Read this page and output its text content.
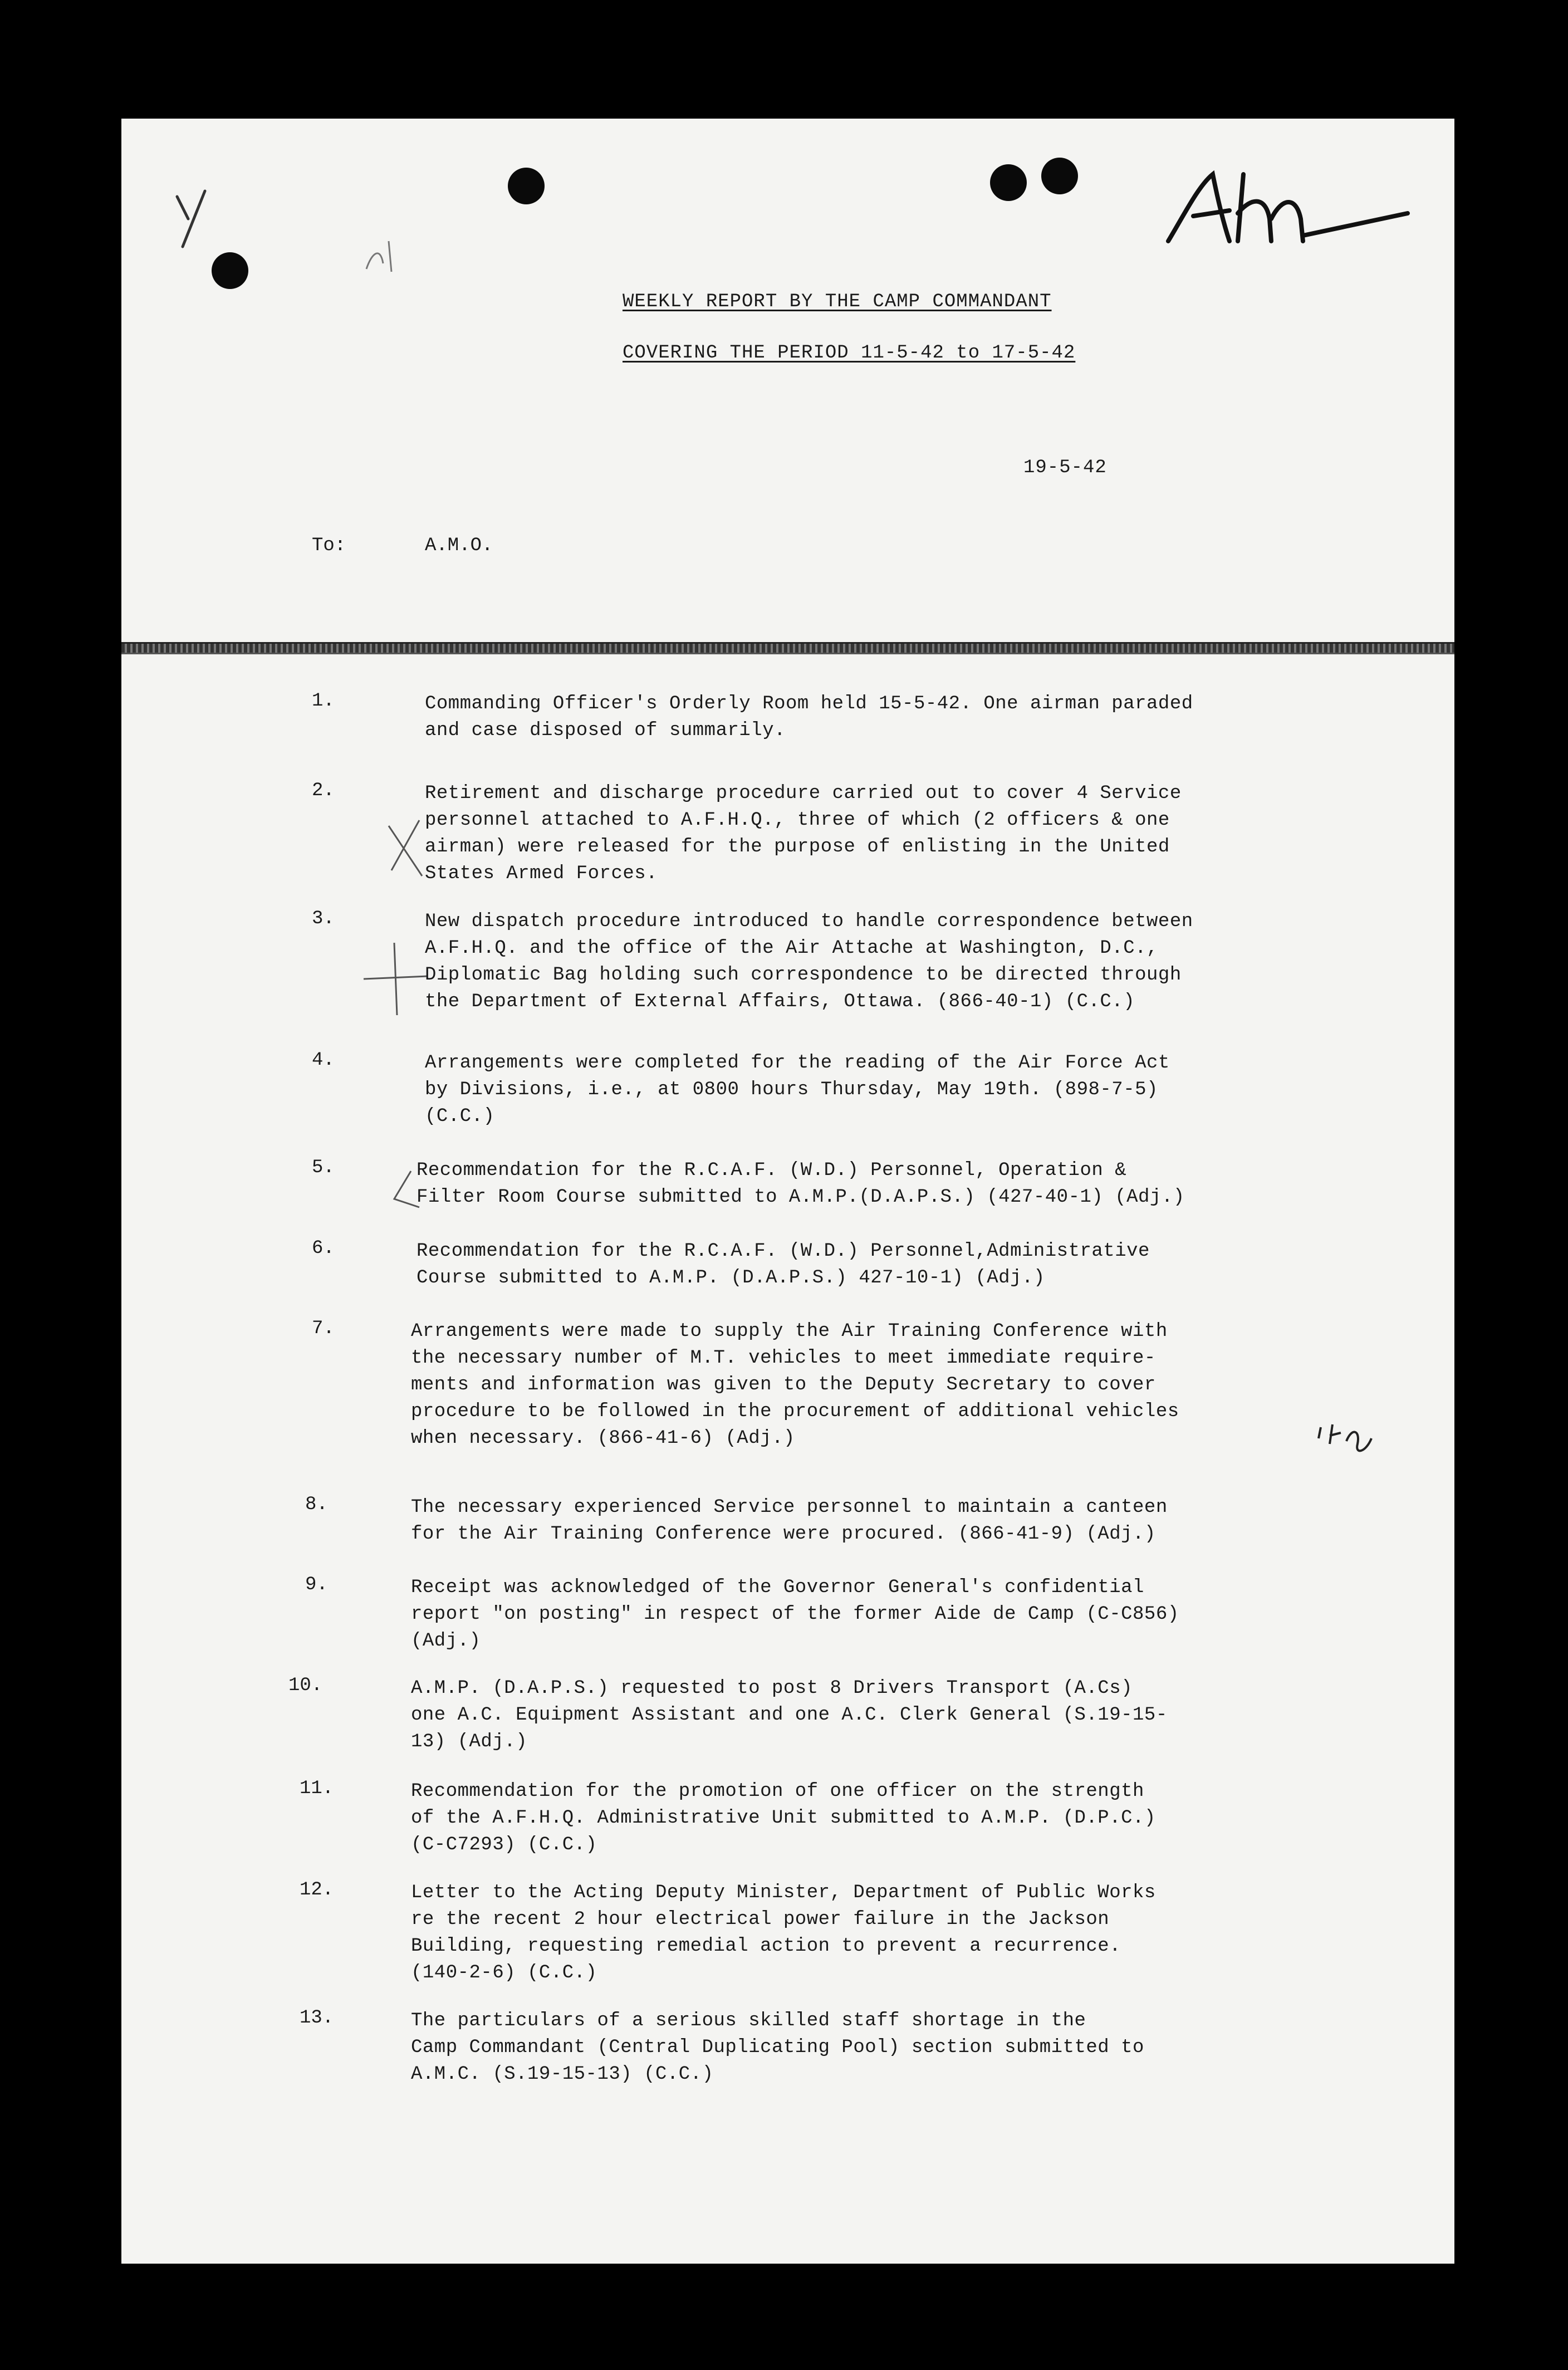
WEEKLY REPORT BY THE CAMP COMMANDANT
COVERING THE PERIOD 11-5-42 to 17-5-42
19-5-42
To:	A.M.O.
1.	Commanding Officer's Orderly Room held 15-5-42. One airman paraded
and case disposed of summarily.
2.	Retirement and discharge procedure carried out to cover 4 Service
personnel attached to A.F.H.Q., three of which (2 officers & one
airman) were released for the purpose of enlisting in the United
States Armed Forces.
3.	New dispatch procedure introduced to handle correspondence between
A.F.H.Q. and the office of the Air Attache at Washington, D.C.,
Diplomatic Bag holding such correspondence to be directed through
the Department of External Affairs, Ottawa. (866-40-1) (C.C.)
4.	Arrangements were completed for the reading of the Air Force Act
by Divisions, i.e., at 0800 hours Thursday, May 19th. (898-7-5)
(C.C.)
5.	Recommendation for the R.C.A.F. (W.D.) Personnel, Operation &
Filter Room Course submitted to A.M.P.(D.A.P.S.) (427-40-1) (Adj.)
6.	Recommendation for the R.C.A.F. (W.D.) Personnel,Administrative
Course submitted to A.M.P. (D.A.P.S.) 427-10-1) (Adj.)
7.	Arrangements were made to supply the Air Training Conference with
the necessary number of M.T. vehicles to meet immediate require-
ments and information was given to the Deputy Secretary to cover
procedure to be followed in the procurement of additional vehicles
when necessary. (866-41-6) (Adj.)
8.	The necessary experienced Service personnel to maintain a canteen
for the Air Training Conference were procured. (866-41-9) (Adj.)
9.	Receipt was acknowledged of the Governor General's confidential
report "on posting" in respect of the former Aide de Camp (C-C856)
(Adj.)
10.	A.M.P. (D.A.P.S.) requested to post 8 Drivers Transport (A.Cs)
one A.C. Equipment Assistant and one A.C. Clerk General (S.19-15-
13) (Adj.)
11.	Recommendation for the promotion of one officer on the strength
of the A.F.H.Q. Administrative Unit submitted to A.M.P. (D.P.C.)
(C-C7293) (C.C.)
12.	Letter to the Acting Deputy Minister, Department of Public Works
re the recent 2 hour electrical power failure in the Jackson
Building, requesting remedial action to prevent a recurrence.
(140-2-6) (C.C.)
13.	The particulars of a serious skilled staff shortage in the
Camp Commandant (Central Duplicating Pool) section submitted to
A.M.C. (S.19-15-13) (C.C.)
